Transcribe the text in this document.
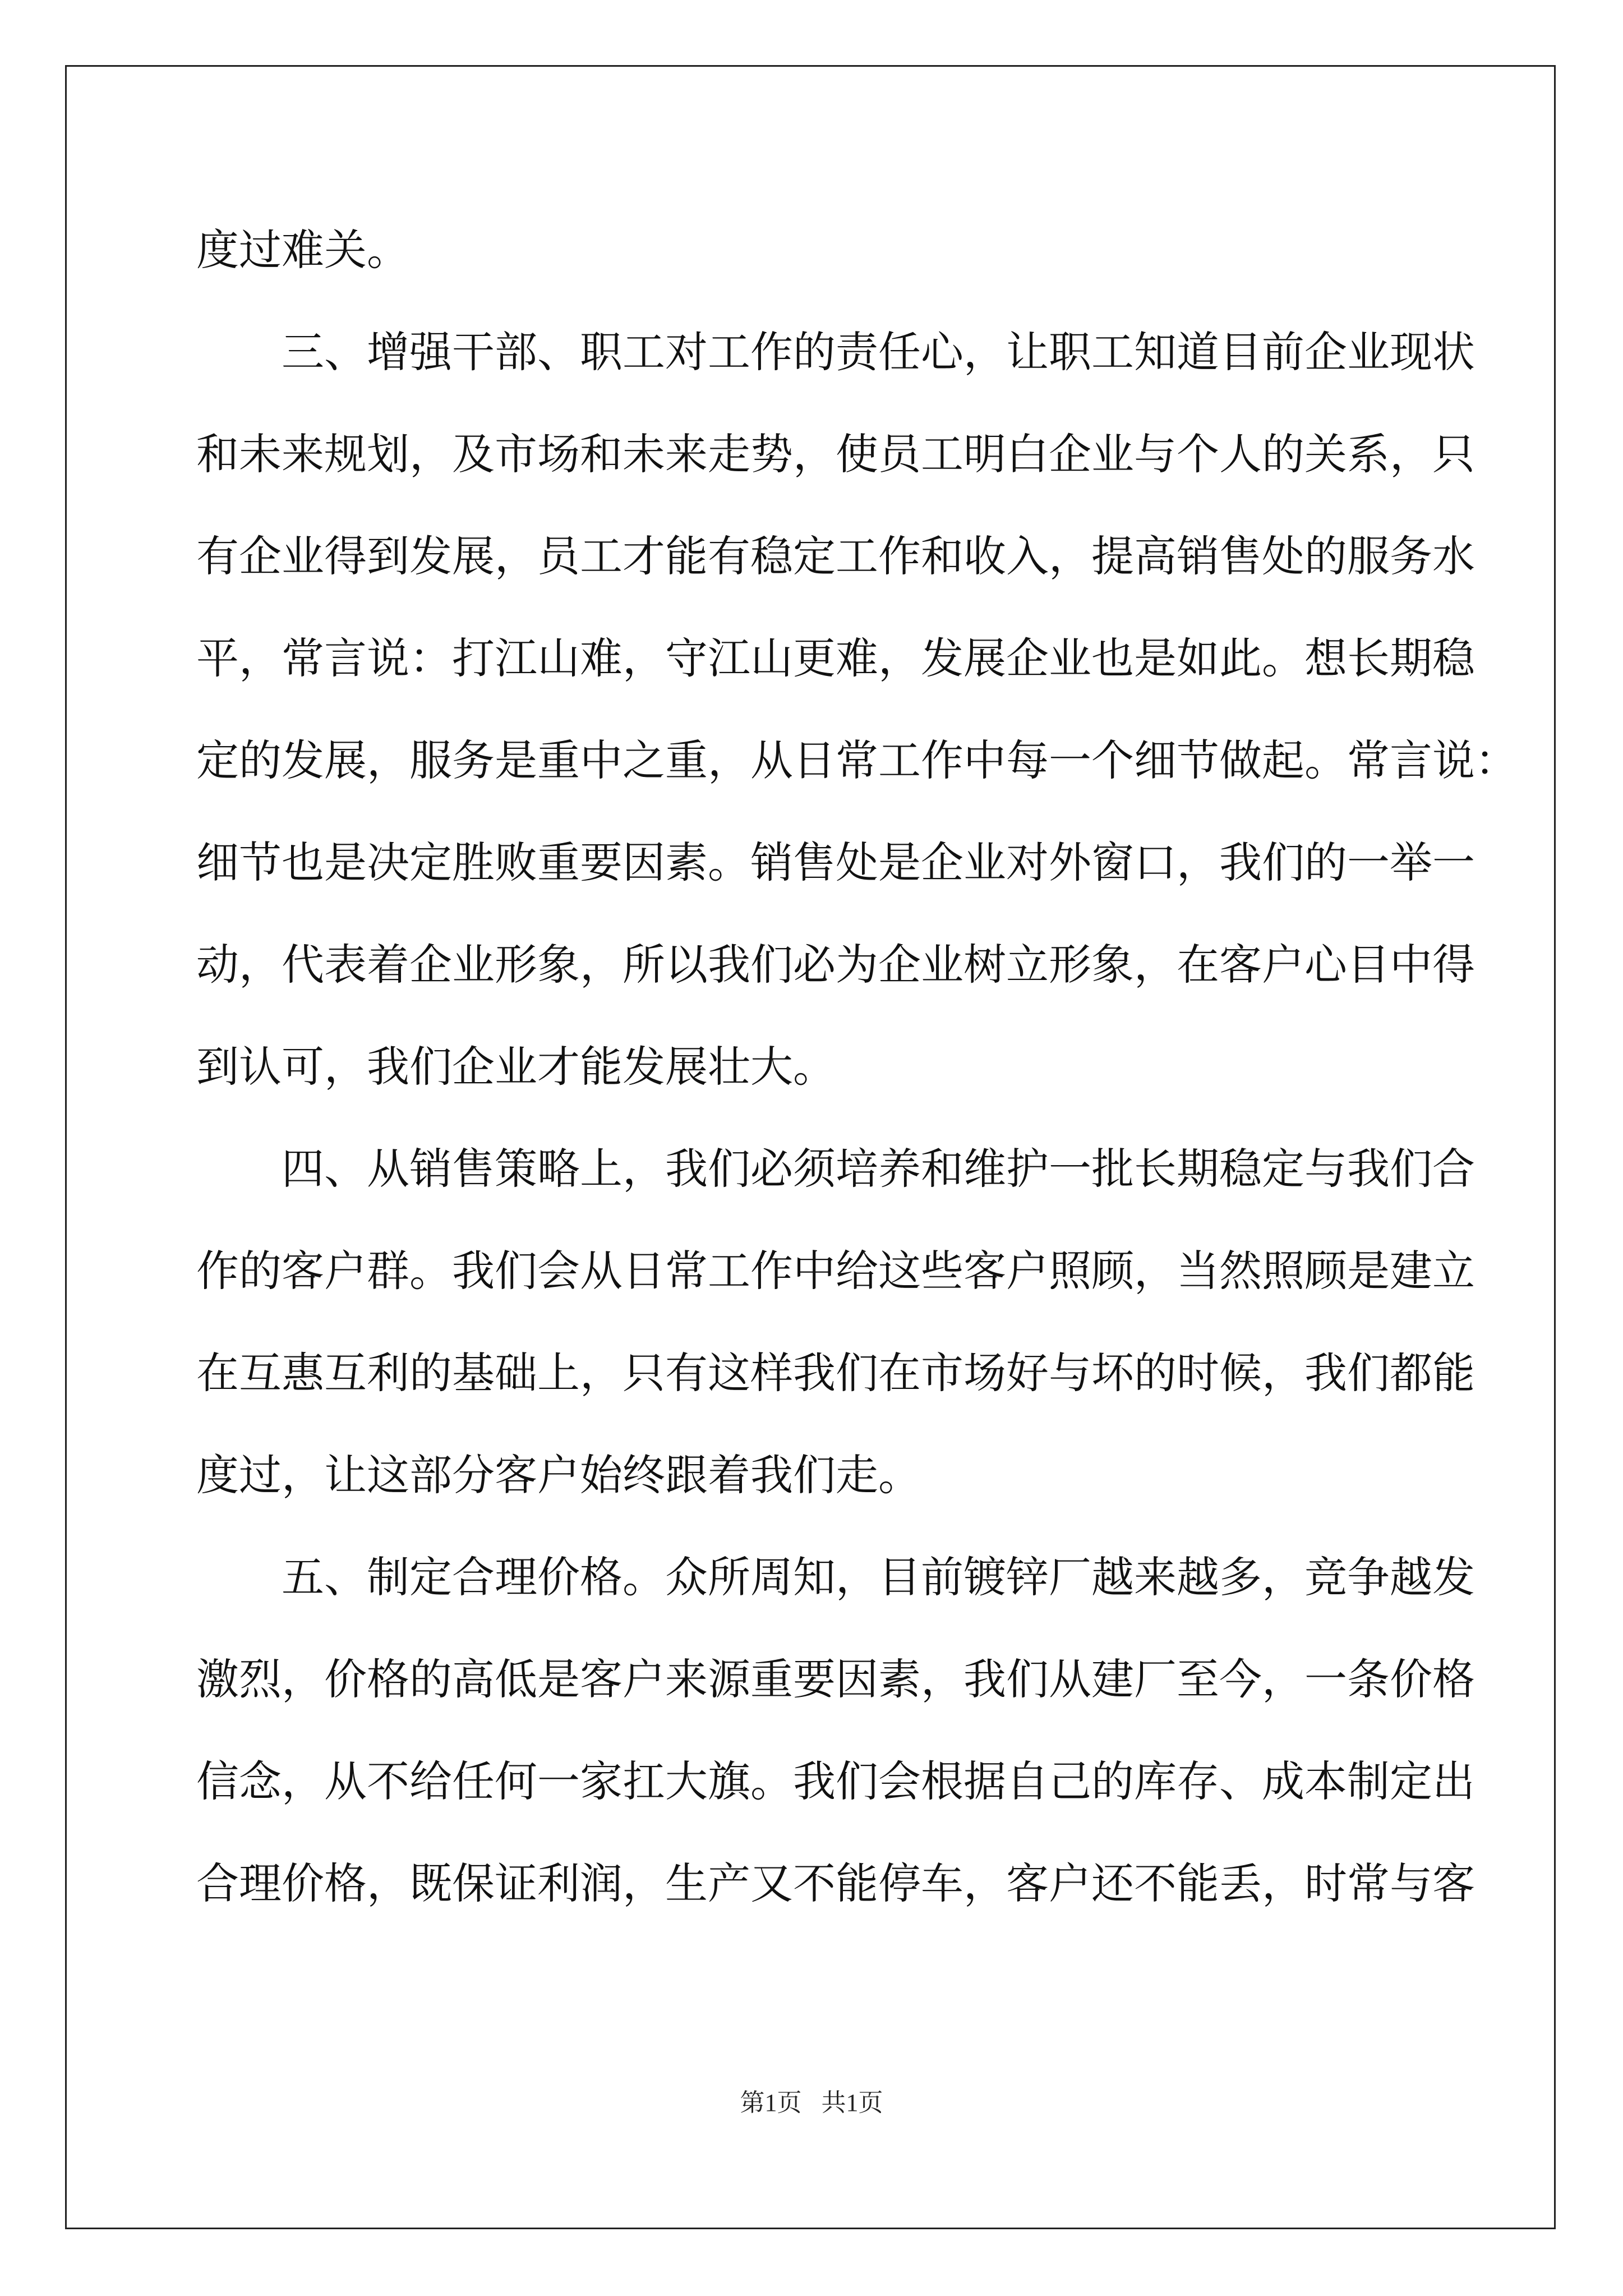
度过难关。
　　三、增强干部、职工对工作的责任心，让职工知道目前企业现状
和未来规划，及市场和未来走势，使员工明白企业与个人的关系，只
有企业得到发展，员工才能有稳定工作和收入，提高销售处的服务水
平，常言说：打江山难，守江山更难，发展企业也是如此。想长期稳
定的发展，服务是重中之重，从日常工作中每一个细节做起。常言说：
细节也是决定胜败重要因素。销售处是企业对外窗口，我们的一举一
动，代表着企业形象，所以我们必为企业树立形象，在客户心目中得
到认可，我们企业才能发展壮大。
　　四、从销售策略上，我们必须培养和维护一批长期稳定与我们合
作的客户群。我们会从日常工作中给这些客户照顾，当然照顾是建立
在互惠互利的基础上，只有这样我们在市场好与坏的时候，我们都能
度过，让这部分客户始终跟着我们走。
　　五、制定合理价格。众所周知，目前镀锌厂越来越多，竞争越发
激烈，价格的高低是客户来源重要因素，我们从建厂至今，一条价格
信念，从不给任何一家扛大旗。我们会根据自己的库存、成本制定出
合理价格，既保证利润，生产又不能停车，客户还不能丢，时常与客
第1页 共1页
